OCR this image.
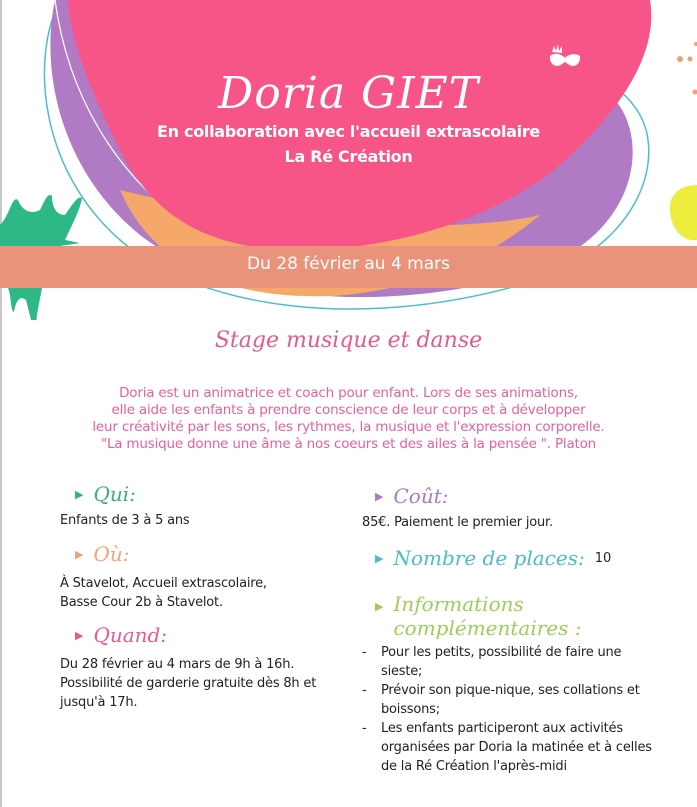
Doria GIET
En collaboration avec l'accueil extrascolaire
La Ré Création
Du 28 février au 4 mars
Stage musique et danse
Doria est un animatrice et coach pour enfant. Lors de ses animations,
elle aide les enfants à prendre conscience de leur corps et à développer
leur créativité par les sons, les rythmes, la musique et l'expression corporelle.
"La musique donne une âme à nos coeurs et des ailes à la pensée ". Platon
▶ Qui:
Enfants de 3 à 5 ans
▶ Où:
À Stavelot, Accueil extrascolaire,
Basse Cour 2b à Stavelot.
▶ Quand:
Du 28 février au 4 mars de 9h à 16h.
Possibilité de garderie gratuite dès 8h et
jusqu'à 17h.
▶ Coût:
85€. Paiement le premier jour.
▶ Nombre de places: 10
▶ Informations
complémentaires :
- Pour les petits, possibilité de faire une sieste;
- Prévoir son pique-nique, ses collations et boissons;
- Les enfants participeront aux activités organisées par Doria la matinée et à celles de la Ré Création l'après-midi
